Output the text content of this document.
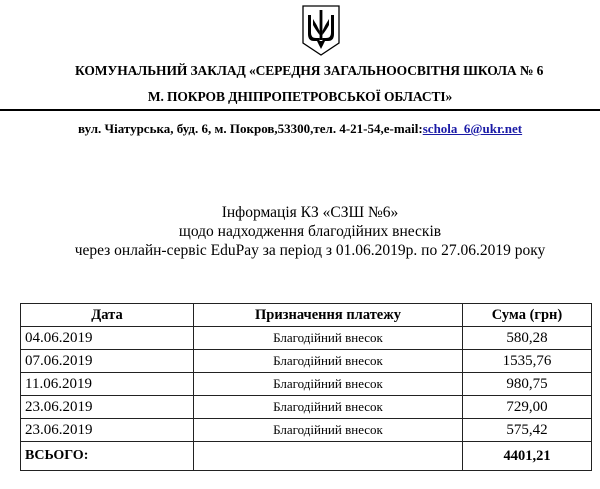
КОМУНАЛЬНИЙ ЗАКЛАД «СЕРЕДНЯ ЗАГАЛЬНООСВІТНЯ ШКОЛА № 6
М. ПОКРОВ ДНІПРОПЕТРОВСЬКОЇ ОБЛАСТІ»
вул. Чіатурська, буд. 6, м. Покров,53300,тел. 4-21-54,e-mail:schola_6@ukr.net
Інформація КЗ «СЗШ №6»
щодо надходження благодійних внесків
через онлайн-сервіс EduPay за період з 01.06.2019р. по 27.06.2019 року
Дата	Призначення платежу	Сума (грн)
04.06.2019	Благодійний внесок	580,28
07.06.2019	Благодійний внесок	1535,76
11.06.2019	Благодійний внесок	980,75
23.06.2019	Благодійний внесок	729,00
23.06.2019	Благодійний внесок	575,42
ВСЬОГО:		4401,21
